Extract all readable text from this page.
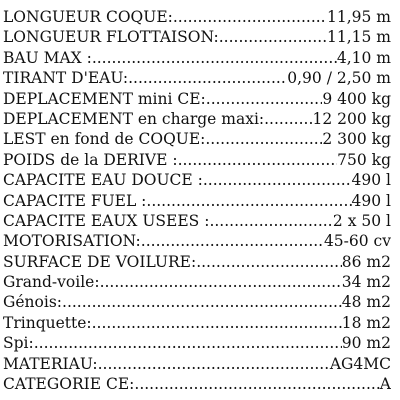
LONGUEUR COQUE: .....	11,95 m
LONGUEUR FLOTTAISON: .....	11,15 m
BAU MAX : .....	4,10 m
TIRANT D'EAU: .....	0,90 / 2,50 m
DEPLACEMENT mini CE: .....	9 400 kg
DEPLACEMENT en charge maxi: .....	12 200 kg
LEST en fond de COQUE: .....	2 300 kg
POIDS de la DERIVE : .....	750 kg
CAPACITE EAU DOUCE : .....	490 l
CAPACITE FUEL : .....	490 l
CAPACITE EAUX USEES : .....	2 x 50 l
MOTORISATION: .....	45-60 cv
SURFACE DE VOILURE: .....	86 m2
Grand-voile: .....	34 m2
Génois: .....	48 m2
Trinquette: .....	18 m2
Spi: .....	90 m2
MATERIAU: .....	AG4MC
CATEGORIE CE: .....	A
